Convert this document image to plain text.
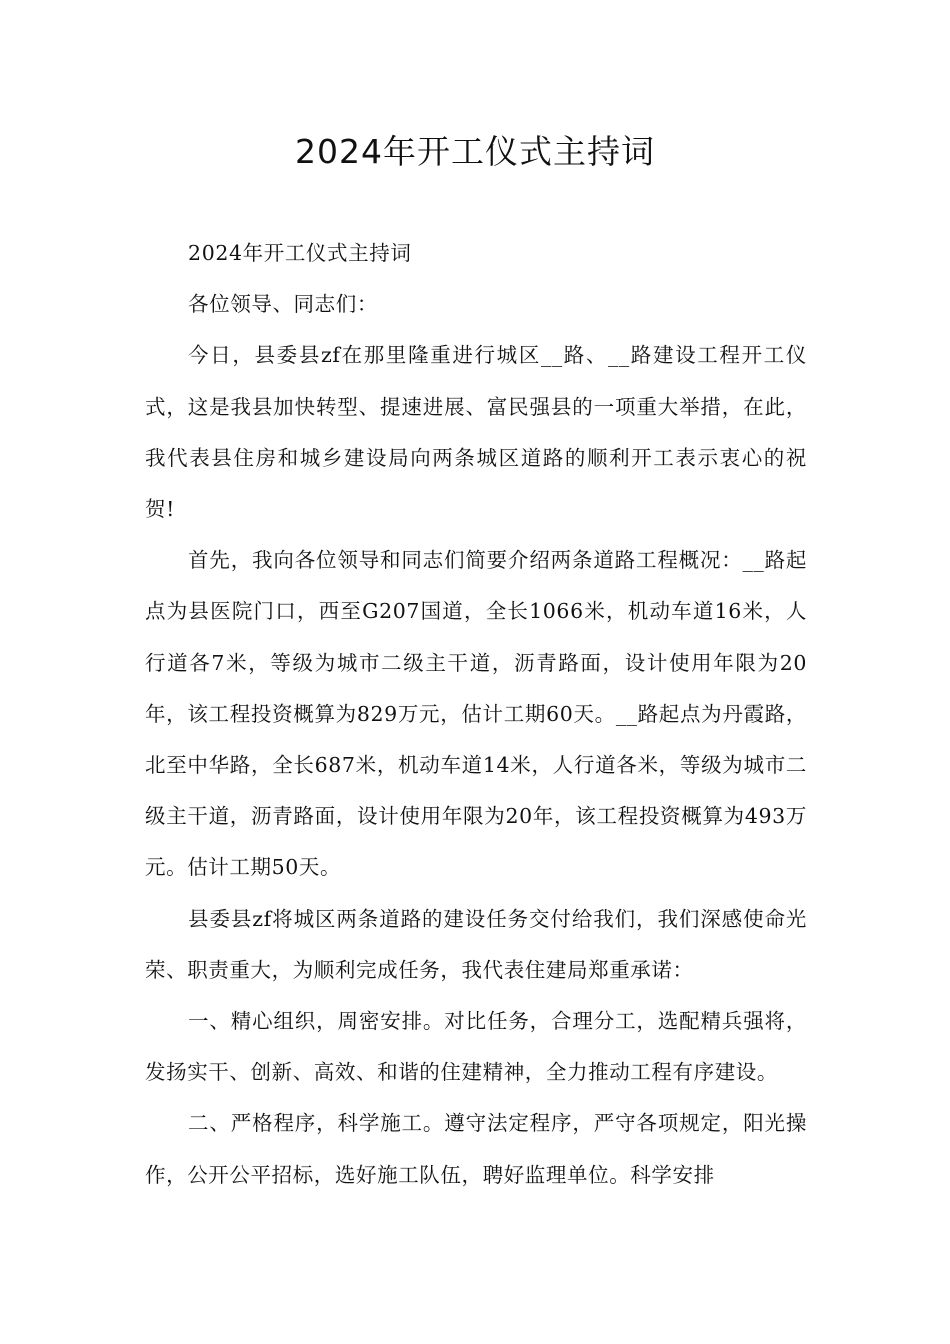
2024年开工仪式主持词

2024年开工仪式主持词

各位领导、同志们：

今日，县委县zf在那里隆重进行城区__路、__路建设工程开工仪式，这是我县加快转型、提速进展、富民强县的一项重大举措，在此，我代表县住房和城乡建设局向两条城区道路的顺利开工表示衷心的祝贺!

首先，我向各位领导和同志们简要介绍两条道路工程概况：__路起点为县医院门口，西至G207国道，全长1066米，机动车道16米，人行道各7米，等级为城市二级主干道，沥青路面，设计使用年限为20年，该工程投资概算为829万元，估计工期60天。__路起点为丹霞路，北至中华路，全长687米，机动车道14米，人行道各米，等级为城市二级主干道，沥青路面，设计使用年限为20年，该工程投资概算为493万元。估计工期50天。

县委县zf将城区两条道路的建设任务交付给我们，我们深感使命光荣、职责重大，为顺利完成任务，我代表住建局郑重承诺：

一、精心组织，周密安排。对比任务，合理分工，选配精兵强将，发扬实干、创新、高效、和谐的住建精神，全力推动工程有序建设。

二、严格程序，科学施工。遵守法定程序，严守各项规定，阳光操作，公开公平招标，选好施工队伍，聘好监理单位。科学安排
